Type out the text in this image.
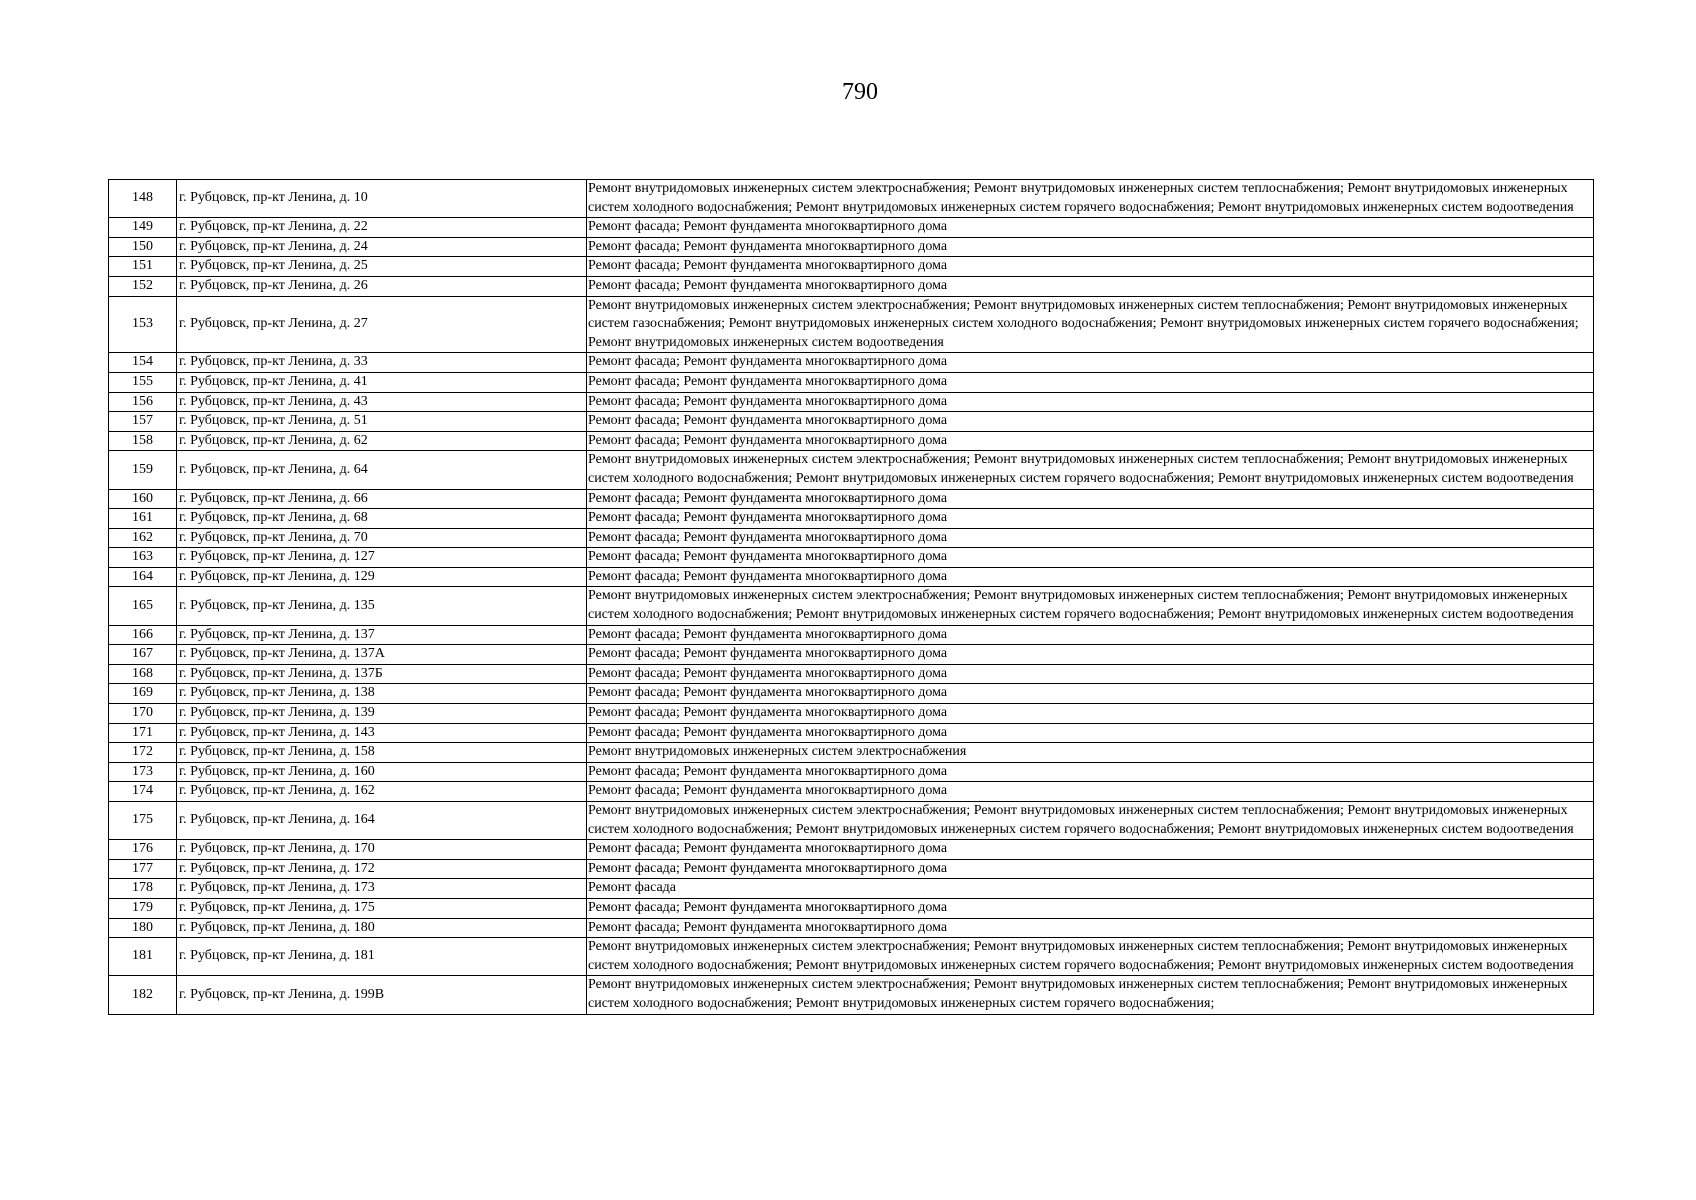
790
148	г. Рубцовск, пр-кт Ленина, д. 10	Ремонт внутридомовых инженерных систем электроснабжения; Ремонт внутридомовых инженерных систем теплоснабжения; Ремонт внутридомовых инженерных систем холодного водоснабжения; Ремонт внутридомовых инженерных систем горячего водоснабжения; Ремонт внутридомовых инженерных систем водоотведения
149	г. Рубцовск, пр-кт Ленина, д. 22	Ремонт фасада; Ремонт фундамента многоквартирного дома
150	г. Рубцовск, пр-кт Ленина, д. 24	Ремонт фасада; Ремонт фундамента многоквартирного дома
151	г. Рубцовск, пр-кт Ленина, д. 25	Ремонт фасада; Ремонт фундамента многоквартирного дома
152	г. Рубцовск, пр-кт Ленина, д. 26	Ремонт фасада; Ремонт фундамента многоквартирного дома
153	г. Рубцовск, пр-кт Ленина, д. 27	Ремонт внутридомовых инженерных систем электроснабжения; Ремонт внутридомовых инженерных систем теплоснабжения; Ремонт внутридомовых инженерных систем газоснабжения; Ремонт внутридомовых инженерных систем холодного водоснабжения; Ремонт внутридомовых инженерных систем горячего водоснабжения; Ремонт внутридомовых инженерных систем водоотведения
154	г. Рубцовск, пр-кт Ленина, д. 33	Ремонт фасада; Ремонт фундамента многоквартирного дома
155	г. Рубцовск, пр-кт Ленина, д. 41	Ремонт фасада; Ремонт фундамента многоквартирного дома
156	г. Рубцовск, пр-кт Ленина, д. 43	Ремонт фасада; Ремонт фундамента многоквартирного дома
157	г. Рубцовск, пр-кт Ленина, д. 51	Ремонт фасада; Ремонт фундамента многоквартирного дома
158	г. Рубцовск, пр-кт Ленина, д. 62	Ремонт фасада; Ремонт фундамента многоквартирного дома
159	г. Рубцовск, пр-кт Ленина, д. 64	Ремонт внутридомовых инженерных систем электроснабжения; Ремонт внутридомовых инженерных систем теплоснабжения; Ремонт внутридомовых инженерных систем холодного водоснабжения; Ремонт внутридомовых инженерных систем горячего водоснабжения; Ремонт внутридомовых инженерных систем водоотведения
160	г. Рубцовск, пр-кт Ленина, д. 66	Ремонт фасада; Ремонт фундамента многоквартирного дома
161	г. Рубцовск, пр-кт Ленина, д. 68	Ремонт фасада; Ремонт фундамента многоквартирного дома
162	г. Рубцовск, пр-кт Ленина, д. 70	Ремонт фасада; Ремонт фундамента многоквартирного дома
163	г. Рубцовск, пр-кт Ленина, д. 127	Ремонт фасада; Ремонт фундамента многоквартирного дома
164	г. Рубцовск, пр-кт Ленина, д. 129	Ремонт фасада; Ремонт фундамента многоквартирного дома
165	г. Рубцовск, пр-кт Ленина, д. 135	Ремонт внутридомовых инженерных систем электроснабжения; Ремонт внутридомовых инженерных систем теплоснабжения; Ремонт внутридомовых инженерных систем холодного водоснабжения; Ремонт внутридомовых инженерных систем горячего водоснабжения; Ремонт внутридомовых инженерных систем водоотведения
166	г. Рубцовск, пр-кт Ленина, д. 137	Ремонт фасада; Ремонт фундамента многоквартирного дома
167	г. Рубцовск, пр-кт Ленина, д. 137А	Ремонт фасада; Ремонт фундамента многоквартирного дома
168	г. Рубцовск, пр-кт Ленина, д. 137Б	Ремонт фасада; Ремонт фундамента многоквартирного дома
169	г. Рубцовск, пр-кт Ленина, д. 138	Ремонт фасада; Ремонт фундамента многоквартирного дома
170	г. Рубцовск, пр-кт Ленина, д. 139	Ремонт фасада; Ремонт фундамента многоквартирного дома
171	г. Рубцовск, пр-кт Ленина, д. 143	Ремонт фасада; Ремонт фундамента многоквартирного дома
172	г. Рубцовск, пр-кт Ленина, д. 158	Ремонт внутридомовых инженерных систем электроснабжения
173	г. Рубцовск, пр-кт Ленина, д. 160	Ремонт фасада; Ремонт фундамента многоквартирного дома
174	г. Рубцовск, пр-кт Ленина, д. 162	Ремонт фасада; Ремонт фундамента многоквартирного дома
175	г. Рубцовск, пр-кт Ленина, д. 164	Ремонт внутридомовых инженерных систем электроснабжения; Ремонт внутридомовых инженерных систем теплоснабжения; Ремонт внутридомовых инженерных систем холодного водоснабжения; Ремонт внутридомовых инженерных систем горячего водоснабжения; Ремонт внутридомовых инженерных систем водоотведения
176	г. Рубцовск, пр-кт Ленина, д. 170	Ремонт фасада; Ремонт фундамента многоквартирного дома
177	г. Рубцовск, пр-кт Ленина, д. 172	Ремонт фасада; Ремонт фундамента многоквартирного дома
178	г. Рубцовск, пр-кт Ленина, д. 173	Ремонт фасада
179	г. Рубцовск, пр-кт Ленина, д. 175	Ремонт фасада; Ремонт фундамента многоквартирного дома
180	г. Рубцовск, пр-кт Ленина, д. 180	Ремонт фасада; Ремонт фундамента многоквартирного дома
181	г. Рубцовск, пр-кт Ленина, д. 181	Ремонт внутридомовых инженерных систем электроснабжения; Ремонт внутридомовых инженерных систем теплоснабжения; Ремонт внутридомовых инженерных систем холодного водоснабжения; Ремонт внутридомовых инженерных систем горячего водоснабжения; Ремонт внутридомовых инженерных систем водоотведения
182	г. Рубцовск, пр-кт Ленина, д. 199В	Ремонт внутридомовых инженерных систем электроснабжения; Ремонт внутридомовых инженерных систем теплоснабжения; Ремонт внутридомовых инженерных систем холодного водоснабжения; Ремонт внутридомовых инженерных систем горячего водоснабжения;
